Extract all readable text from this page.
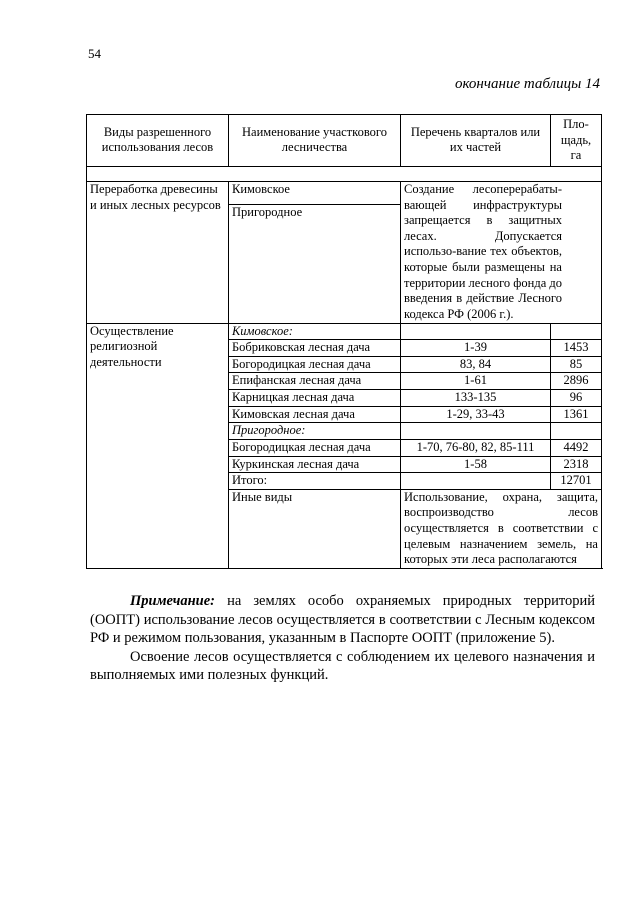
54
окончание таблицы 14
Виды разрешенного использования лесов	Наименование участкового лесничества	Перечень кварталов или их частей	Пло-щадь, га

Переработка древесины и иных лесных ресурсов	Кимовское	Создание лесоперерабаты-вающей инфраструктуры запрещается в защитных лесах. Допускается использо-вание тех объектов, которые были размещены на территории лесного фонда до введения в действие Лесного кодекса РФ (2006 г.).	

	Пригородное		
Осуществление религиозной деятельности	Кимовское:		
	Бобриковская лесная дача	1-39	1453
	Богородицкая лесная дача	83, 84	85
	Епифанская лесная дача	1-61	2896
	Карницкая лесная дача	133-135	96
	Кимовская лесная дача	1-29, 33-43	1361
	Пригородное:		
	Богородицкая лесная дача	1-70, 76-80, 82, 85-111	4492
	Куркинская лесная дача	1-58	2318
	Итого:		12701
	Иные виды	Использование, охрана, защита, воспроизводство лесов осуществляется в соответствии с целевым назначением земель, на которых эти леса располагаются	

Примечание: на землях особо охраняемых природных территорий (ООПТ) использование лесов осуществляется в соответствии с Лесным кодексом РФ и режимом пользования, указанным в Паспорте ООПТ (приложение 5).

Освоение лесов осуществляется с соблюдением их целевого назначения и выполняемых ими полезных функций.
